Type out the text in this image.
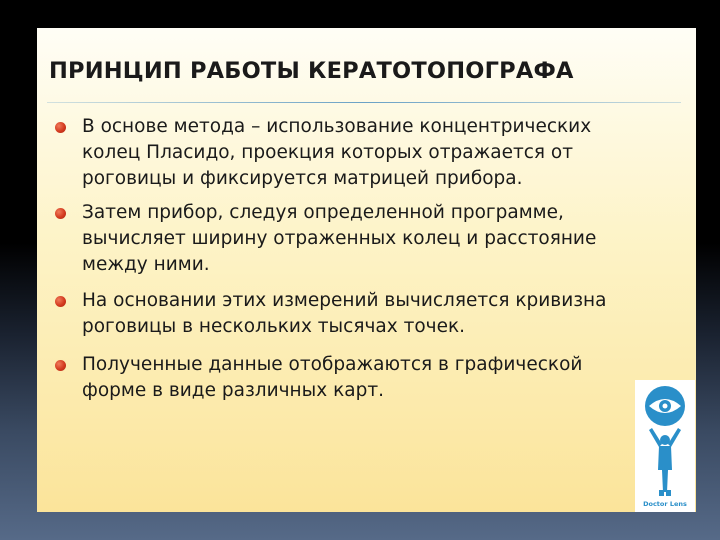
ПРИНЦИП РАБОТЫ КЕРАТОТОПОГРАФА
В основе метода – использование концентрических
колец Пласидо, проекция которых отражается от
роговицы и фиксируется матрицей прибора.
Затем прибор, следуя определенной программе,
вычисляет ширину отраженных колец и расстояние
между ними.
На основании этих измерений вычисляется кривизна
роговицы в нескольких тысячах точек.
Полученные данные отображаются в графической
форме в виде различных карт.
Doctor Lens
